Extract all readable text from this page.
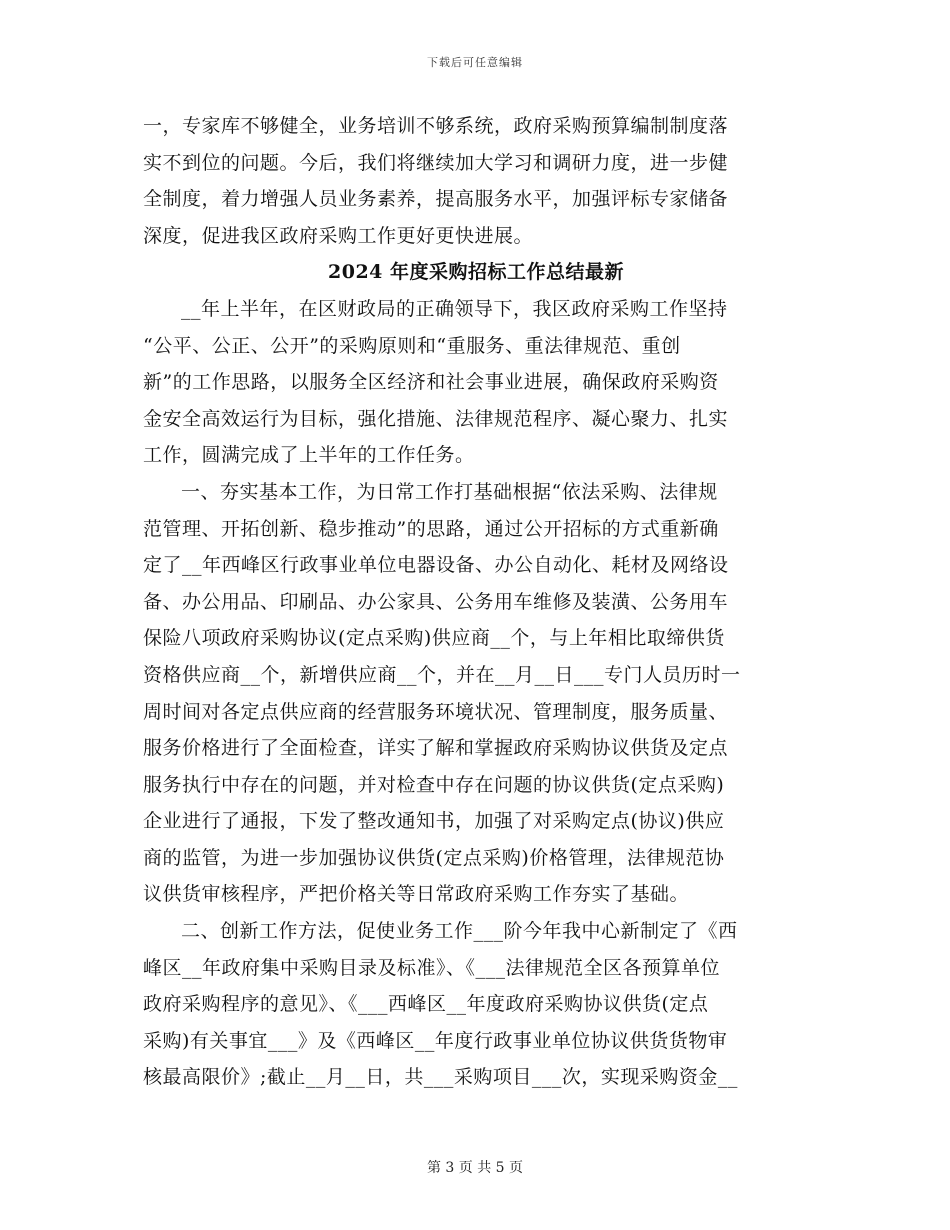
下载后可任意编辑
一，专家库不够健全，业务培训不够系统，政府采购预算编制制度落
实不到位的问题。今后，我们将继续加大学习和调研力度，进一步健
全制度，着力增强人员业务素养，提高服务水平，加强评标专家储备
深度，促进我区政府采购工作更好更快进展。
2024 年度采购招标工作总结最新
__年上半年，在区财政局的正确领导下，我区政府采购工作坚持
“公平、公正、公开”的采购原则和“重服务、重法律规范、重创
新”的工作思路，以服务全区经济和社会事业进展，确保政府采购资
金安全高效运行为目标，强化措施、法律规范程序、凝心聚力、扎实
工作，圆满完成了上半年的工作任务。
一、夯实基本工作，为日常工作打基础根据“依法采购、法律规
范管理、开拓创新、稳步推动”的思路，通过公开招标的方式重新确
定了__年西峰区行政事业单位电器设备、办公自动化、耗材及网络设
备、办公用品、印刷品、办公家具、公务用车维修及装潢、公务用车
保险八项政府采购协议(定点采购)供应商__个，与上年相比取缔供货
资格供应商__个，新增供应商__个，并在__月__日___专门人员历时一
周时间对各定点供应商的经营服务环境状况、管理制度，服务质量、
服务价格进行了全面检查，详实了解和掌握政府采购协议供货及定点
服务执行中存在的问题，并对检查中存在问题的协议供货(定点采购)
企业进行了通报，下发了整改通知书，加强了对采购定点(协议)供应
商的监管，为进一步加强协议供货(定点采购)价格管理，法律规范协
议供货审核程序，严把价格关等日常政府采购工作夯实了基础。
二、创新工作方法，促使业务工作___阶今年我中心新制定了《西
峰区__年政府集中采购目录及标准》、《___法律规范全区各预算单位
政府采购程序的意见》、《___西峰区__年度政府采购协议供货(定点
采购)有关事宜___》及《西峰区__年度行政事业单位协议供货货物审
核最高限价》;截止__月__日，共___采购项目___次，实现采购资金__
第 3 页 共 5 页
